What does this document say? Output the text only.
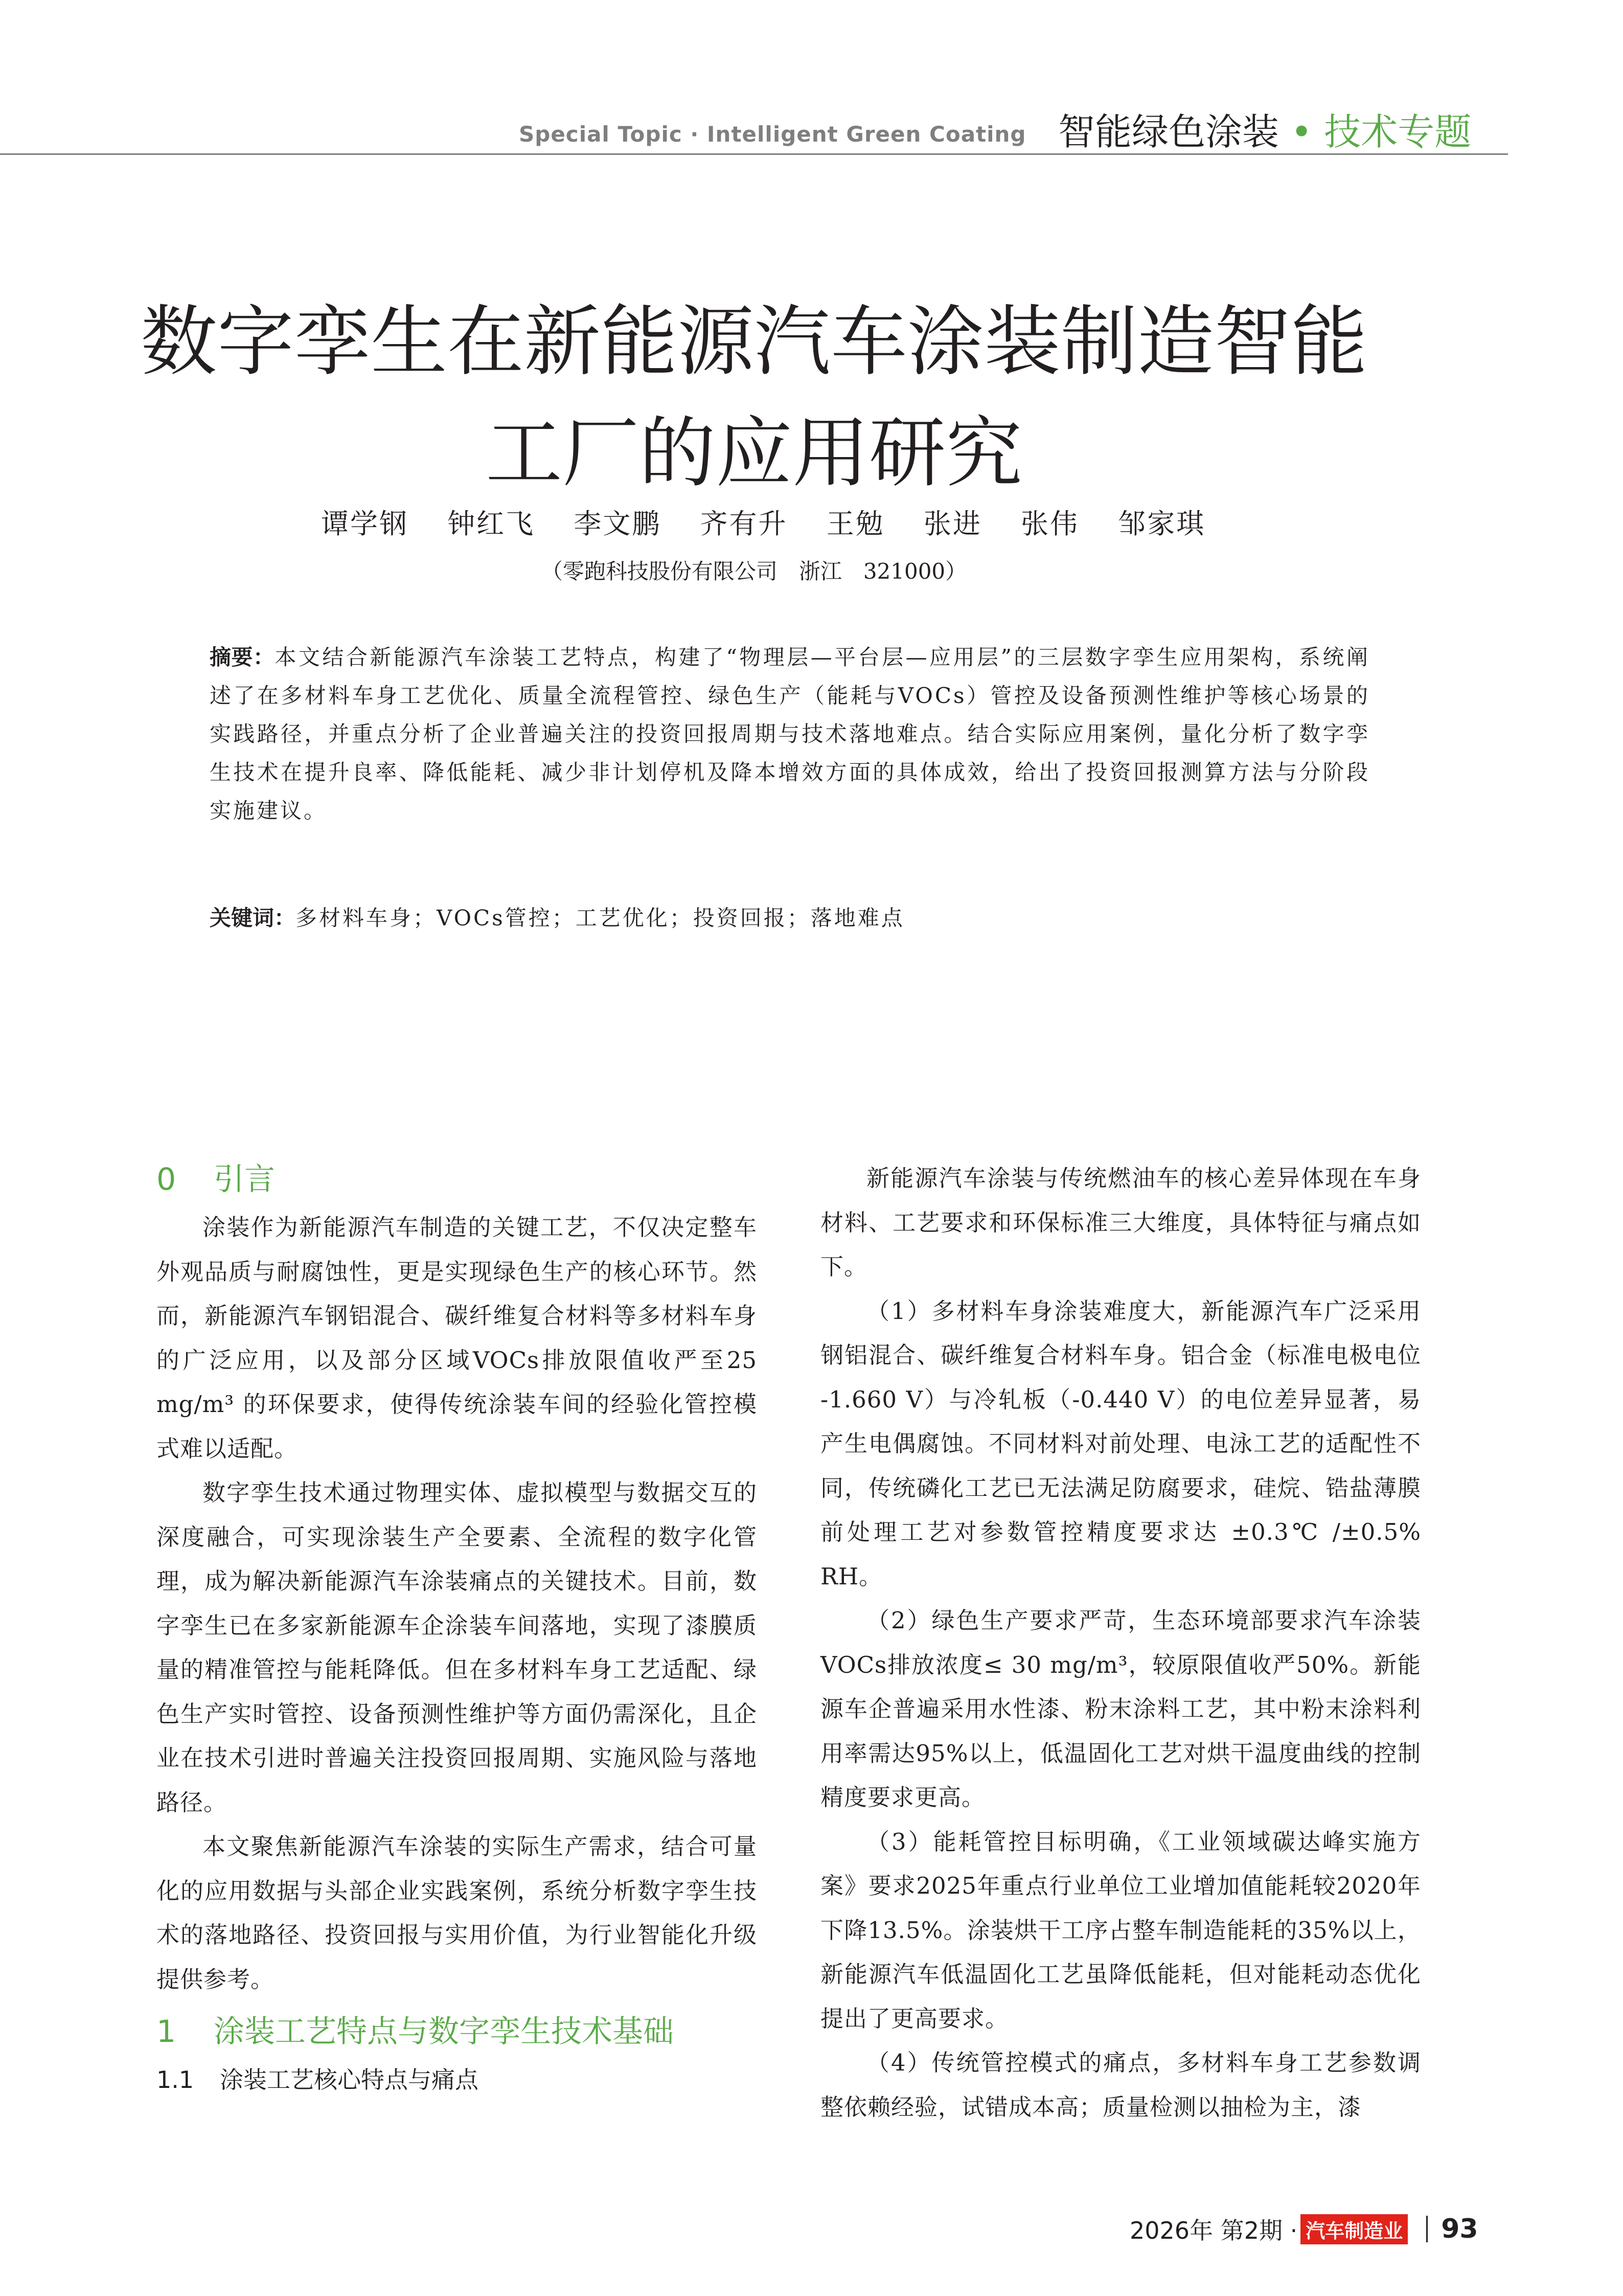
Special Topic · Intelligent Green Coating 智能绿色涂装 • 技术专题
数字孪生在新能源汽车涂装制造智能
工厂的应用研究
谭学钢 钟红飞 李文鹏 齐有升 王勉 张进 张伟 邹家琪
（零跑科技股份有限公司　浙江　321000）
摘要：本文结合新能源汽车涂装工艺特点，构建了“物理层—平台层—应用层”的三层数字孪生应用架构，系统阐述了在多材料车身工艺优化、质量全流程管控、绿色生产（能耗与VOCs）管控及设备预测性维护等核心场景的实践路径，并重点分析了企业普遍关注的投资回报周期与技术落地难点。结合实际应用案例，量化分析了数字孪生技术在提升良率、降低能耗、减少非计划停机及降本增效方面的具体成效，给出了投资回报测算方法与分阶段实施建议。
关键词：多材料车身；VOCs管控；工艺优化；投资回报；落地难点
0 引言

涂装作为新能源汽车制造的关键工艺，不仅决定整车外观品质与耐腐蚀性，更是实现绿色生产的核心环节。然而，新能源汽车钢铝混合、碳纤维复合材料等多材料车身的广泛应用，以及部分区域VOCs排放限值收严至25 mg/m³ 的环保要求，使得传统涂装车间的经验化管控模式难以适配。

数字孪生技术通过物理实体、虚拟模型与数据交互的深度融合，可实现涂装生产全要素、全流程的数字化管理，成为解决新能源汽车涂装痛点的关键技术。目前，数字孪生已在多家新能源车企涂装车间落地，实现了漆膜质量的精准管控与能耗降低。但在多材料车身工艺适配、绿色生产实时管控、设备预测性维护等方面仍需深化，且企业在技术引进时普遍关注投资回报周期、实施风险与落地路径。

本文聚焦新能源汽车涂装的实际生产需求，结合可量化的应用数据与头部企业实践案例，系统分析数字孪生技术的落地路径、投资回报与实用价值，为行业智能化升级提供参考。

1 涂装工艺特点与数字孪生技术基础
1.1 涂装工艺核心特点与痛点

新能源汽车涂装与传统燃油车的核心差异体现在车身材料、工艺要求和环保标准三大维度，具体特征与痛点如下。

（1）多材料车身涂装难度大，新能源汽车广泛采用钢铝混合、碳纤维复合材料车身。铝合金（标准电极电位 -1.660 V）与冷轧板（-0.440 V）的电位差异显著，易产生电偶腐蚀。不同材料对前处理、电泳工艺的适配性不同，传统磷化工艺已无法满足防腐要求，硅烷、锆盐薄膜前处理工艺对参数管控精度要求达 ±0.3℃ /±0.5% RH。

（2）绿色生产要求严苛，生态环境部要求汽车涂装VOCs排放浓度≤ 30 mg/m³，较原限值收严50%。新能源车企普遍采用水性漆、粉末涂料工艺，其中粉末涂料利用率需达95%以上，低温固化工艺对烘干温度曲线的控制精度要求更高。

（3）能耗管控目标明确，《工业领域碳达峰实施方案》要求2025年重点行业单位工业增加值能耗较2020年下降13.5%。涂装烘干工序占整车制造能耗的35%以上，新能源汽车低温固化工艺虽降低能耗，但对能耗动态优化提出了更高要求。

（4）传统管控模式的痛点，多材料车身工艺参数调整依赖经验，试错成本高；质量检测以抽检为主，漆

2026年 第2期 · 汽车制造业 93
